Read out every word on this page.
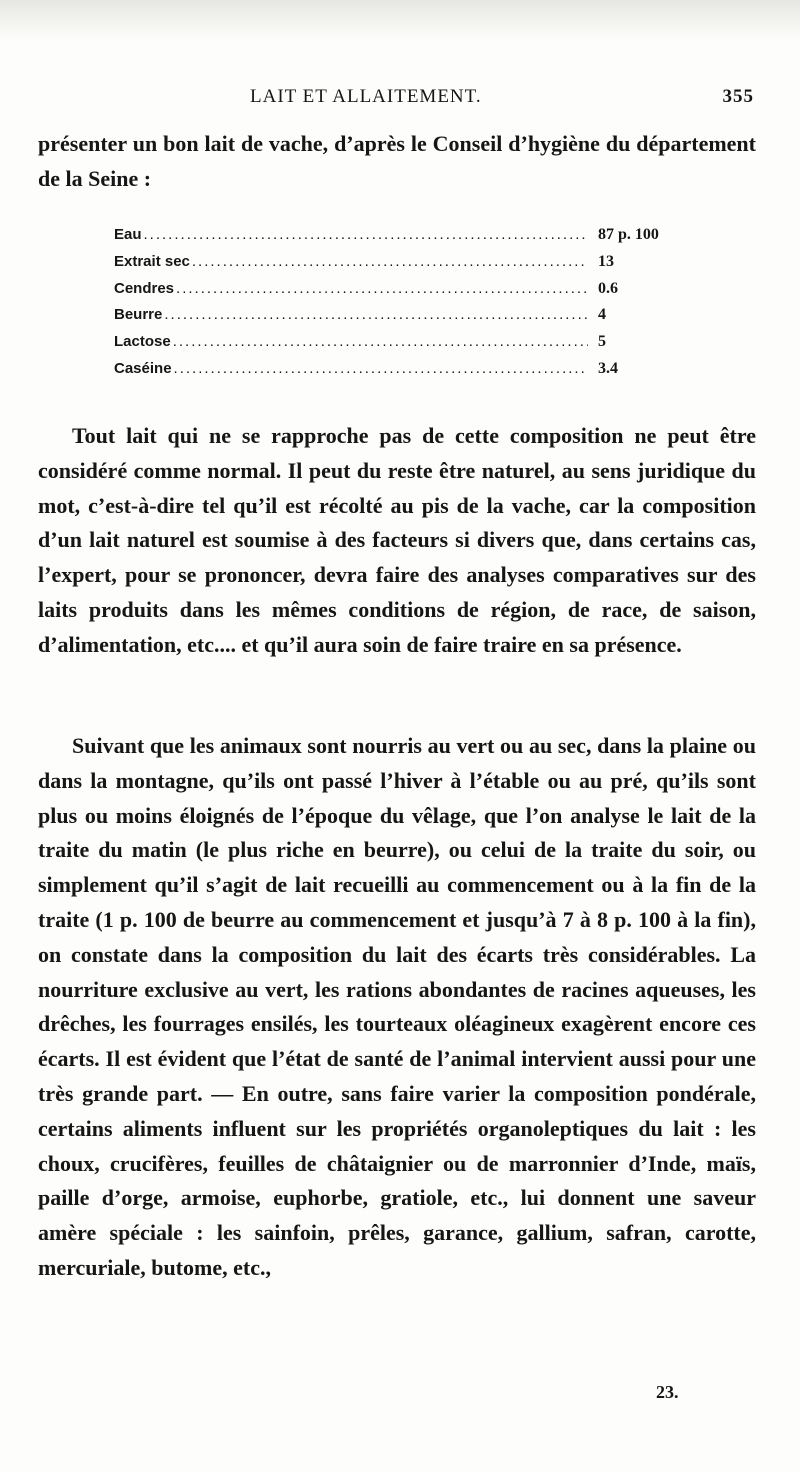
LAIT ET ALLAITEMENT.	355

présenter un bon lait de vache, d’après le Conseil d’hygiène du département de la Seine :

Eau .....	87 p. 100
Extrait sec .....	13
Cendres .....	0.6
Beurre .....	4
Lactose .....	5
Caséine .....	3.4

Tout lait qui ne se rapproche pas de cette composition ne peut être considéré comme normal. Il peut du reste être naturel, au sens juridique du mot, c’est-à-dire tel qu’il est récolté au pis de la vache, car la composition d’un lait naturel est soumise à des facteurs si divers que, dans certains cas, l’expert, pour se prononcer, devra faire des analyses comparatives sur des laits produits dans les mêmes conditions de région, de race, de saison, d’alimentation, etc.... et qu’il aura soin de faire traire en sa présence.

Suivant que les animaux sont nourris au vert ou au sec, dans la plaine ou dans la montagne, qu’ils ont passé l’hiver à l’étable ou au pré, qu’ils sont plus ou moins éloignés de l’époque du vêlage, que l’on analyse le lait de la traite du matin (le plus riche en beurre), ou celui de la traite du soir, ou simplement qu’il s’agit de lait recueilli au commencement ou à la fin de la traite (1 p. 100 de beurre au commencement et jusqu’à 7 à 8 p. 100 à la fin), on constate dans la composition du lait des écarts très considérables. La nourriture exclusive au vert, les rations abondantes de racines aqueuses, les drêches, les fourrages ensilés, les tourteaux oléagineux exagèrent encore ces écarts. Il est évident que l’état de santé de l’animal intervient aussi pour une très grande part. — En outre, sans faire varier la composition pondérale, certains aliments influent sur les propriétés organoleptiques du lait : les choux, crucifères, feuilles de châtaignier ou de marronnier d’Inde, maïs, paille d’orge, armoise, euphorbe, gratiole, etc., lui donnent une saveur amère spéciale : les sainfoin, prêles, garance, gallium, safran, carotte, mercuriale, butome, etc.,

23.
